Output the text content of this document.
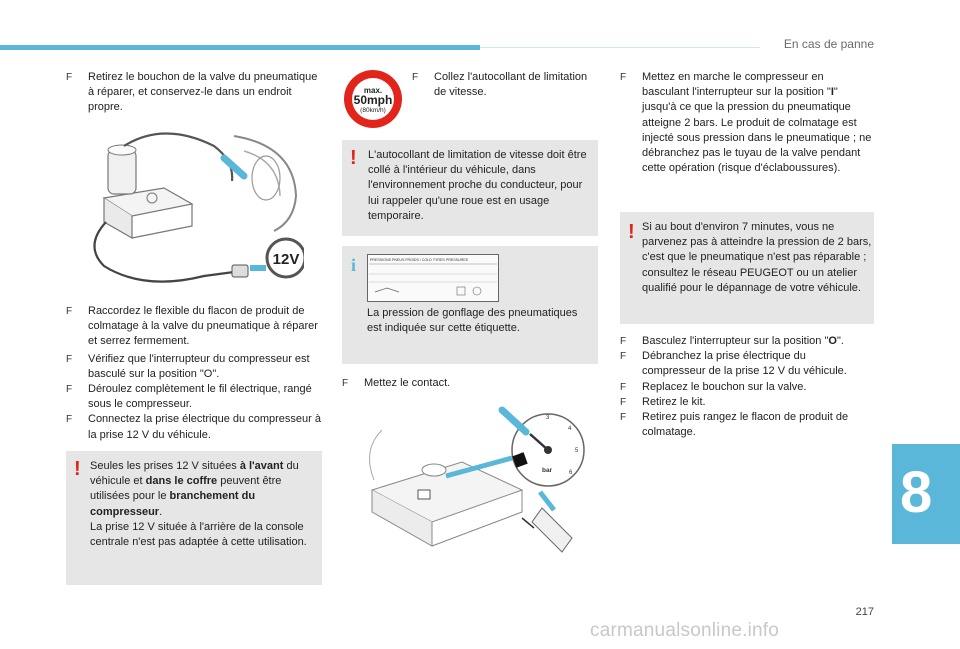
En cas de panne

F Retirez le bouchon de la valve du pneumatique à réparer, et conservez-le dans un endroit propre.

12V

F Raccordez le flexible du flacon de produit de colmatage à la valve du pneumatique à réparer et serrez fermement.

F Vérifiez que l'interrupteur du compresseur est basculé sur la position "O".

F Déroulez complètement le fil électrique, rangé sous le compresseur.

F Connectez la prise électrique du compresseur à la prise 12 V du véhicule.

! Seules les prises 12 V situées à l'avant du véhicule et dans le coffre peuvent être utilisées pour le branchement du compresseur.
La prise 12 V située à l'arrière de la console centrale n'est pas adaptée à cette utilisation.

max.
50mph
(80km/h)

F Collez l'autocollant de limitation de vitesse.

! L'autocollant de limitation de vitesse doit être collé à l'intérieur du véhicule, dans l'environnement proche du conducteur, pour lui rappeler qu'une roue est en usage temporaire.

i	PRESSIONS PNEUS FROIDS / COLD TYRES PRESSURES

La pression de gonflage des pneumatiques est indiquée sur cette étiquette.

F Mettez le contact.

3
4
5
6
bar

F Mettez en marche le compresseur en basculant l'interrupteur sur la position "I" jusqu'à ce que la pression du pneumatique atteigne 2 bars. Le produit de colmatage est injecté sous pression dans le pneumatique ; ne débranchez pas le tuyau de la valve pendant cette opération (risque d'éclaboussures).

! Si au bout d'environ 7 minutes, vous ne parvenez pas à atteindre la pression de 2 bars, c'est que le pneumatique n'est pas réparable ; consultez le réseau PEUGEOT ou un atelier qualifié pour le dépannage de votre véhicule.

F Basculez l'interrupteur sur la position "O".

F Débranchez la prise électrique du compresseur de la prise 12 V du véhicule.

F Replacez le bouchon sur la valve.

F Retirez le kit.

F Retirez puis rangez le flacon de produit de colmatage.

8
217
carmanualsonline.info
